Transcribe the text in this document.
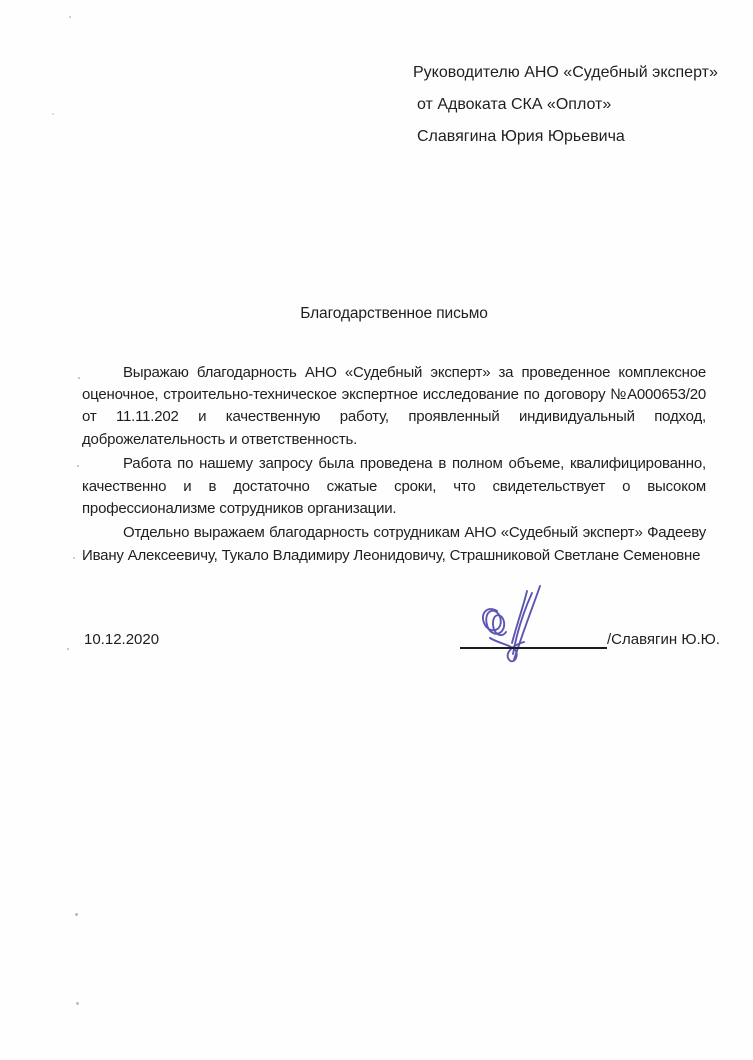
Руководителю АНО «Судебный эксперт»
от Адвоката СКА «Оплот»
Славягина Юрия Юрьевича
Благодарственное письмо

Выражаю благодарность АНО «Судебный эксперт» за проведенное комплексное оценочное, строительно-техническое экспертное исследование по договору №А000653/20 от 11.11.202 и качественную работу, проявленный индивидуальный подход, доброжелательность и ответственность.

Работа по нашему запросу была проведена в полном объеме, квалифицированно, качественно и в достаточно сжатые сроки, что свидетельствует о высоком профессионализме сотрудников организации.

Отдельно выражаем благодарность сотрудникам АНО «Судебный эксперт» Фадееву Ивану Алексеевичу, Тукало Владимиру Леонидовичу, Страшниковой Светлане Семеновне

10.12.2020	/Славягин Ю.Ю.
